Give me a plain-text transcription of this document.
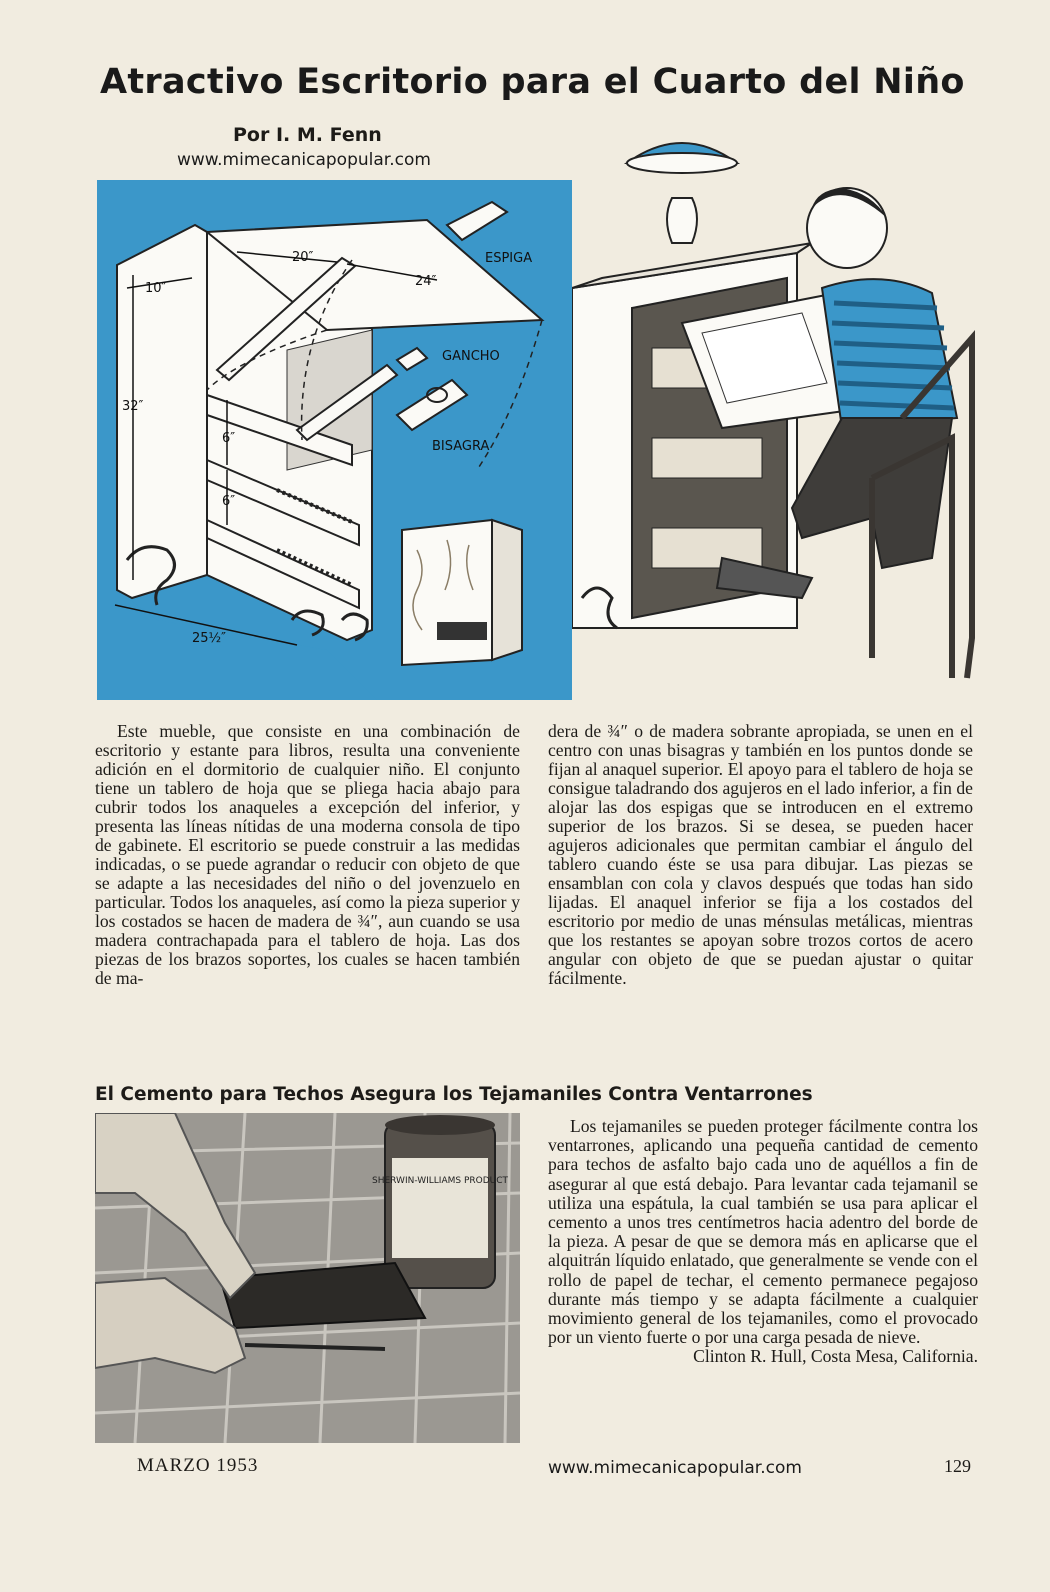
Atractivo Escritorio para el Cuarto del Niño
Por I. M. Fenn
www.mimecanicapopular.com
20″
24″
10″
32″
6″
6″
25½″
ESPIGA
GANCHO
BISAGRA

Este mueble, que consiste en una combinación de escritorio y estante para libros, resulta una conveniente adición en el dormitorio de cualquier niño. El conjunto tiene un tablero de hoja que se pliega hacia abajo para cubrir todos los anaqueles a excepción del inferior, y presenta las líneas nítidas de una moderna consola de tipo de gabinete. El escritorio se puede construir a las medidas indicadas, o se puede agrandar o reducir con objeto de que se adapte a las necesidades del niño o del jovenzuelo en particular. Todos los anaqueles, así como la pieza superior y los costados se hacen de madera de ¾″, aun cuando se usa madera contrachapada para el tablero de hoja. Las dos piezas de los brazos soportes, los cuales se hacen también de ma-

dera de ¾″ o de madera sobrante apropiada, se unen en el centro con unas bisagras y también en los puntos donde se fijan al anaquel superior. El apoyo para el tablero de hoja se consigue taladrando dos agujeros en el lado inferior, a fin de alojar las dos espigas que se introducen en el extremo superior de los brazos. Si se desea, se pueden hacer agujeros adicionales que permitan cambiar el ángulo del tablero cuando éste se usa para dibujar. Las piezas se ensamblan con cola y clavos después que todas han sido lijadas. El anaquel inferior se fija a los costados del escritorio por medio de unas ménsulas metálicas, mientras que los restantes se apoyan sobre trozos cortos de acero angular con objeto de que se puedan ajustar o quitar fácilmente.

El Cemento para Techos Asegura los Tejamaniles Contra Ventarrones
SHERWIN-WILLIAMS PRODUCT

Los tejamaniles se pueden proteger fácilmente contra los ventarrones, aplicando una pequeña cantidad de cemento para techos de asfalto bajo cada uno de aquéllos a fin de asegurar al que está debajo. Para levantar cada tejamanil se utiliza una espátula, la cual también se usa para aplicar el cemento a unos tres centímetros hacia adentro del borde de la pieza. A pesar de que se demora más en aplicarse que el alquitrán líquido enlatado, que generalmente se vende con el rollo de papel de techar, el cemento permanece pegajoso durante más tiempo y se adapta fácilmente a cualquier movimiento general de los tejamaniles, como el provocado por un viento fuerte o por una carga pesada de nieve.

Clinton R. Hull, Costa Mesa, California.

MARZO 1953	www.mimecanicapopular.com	129
